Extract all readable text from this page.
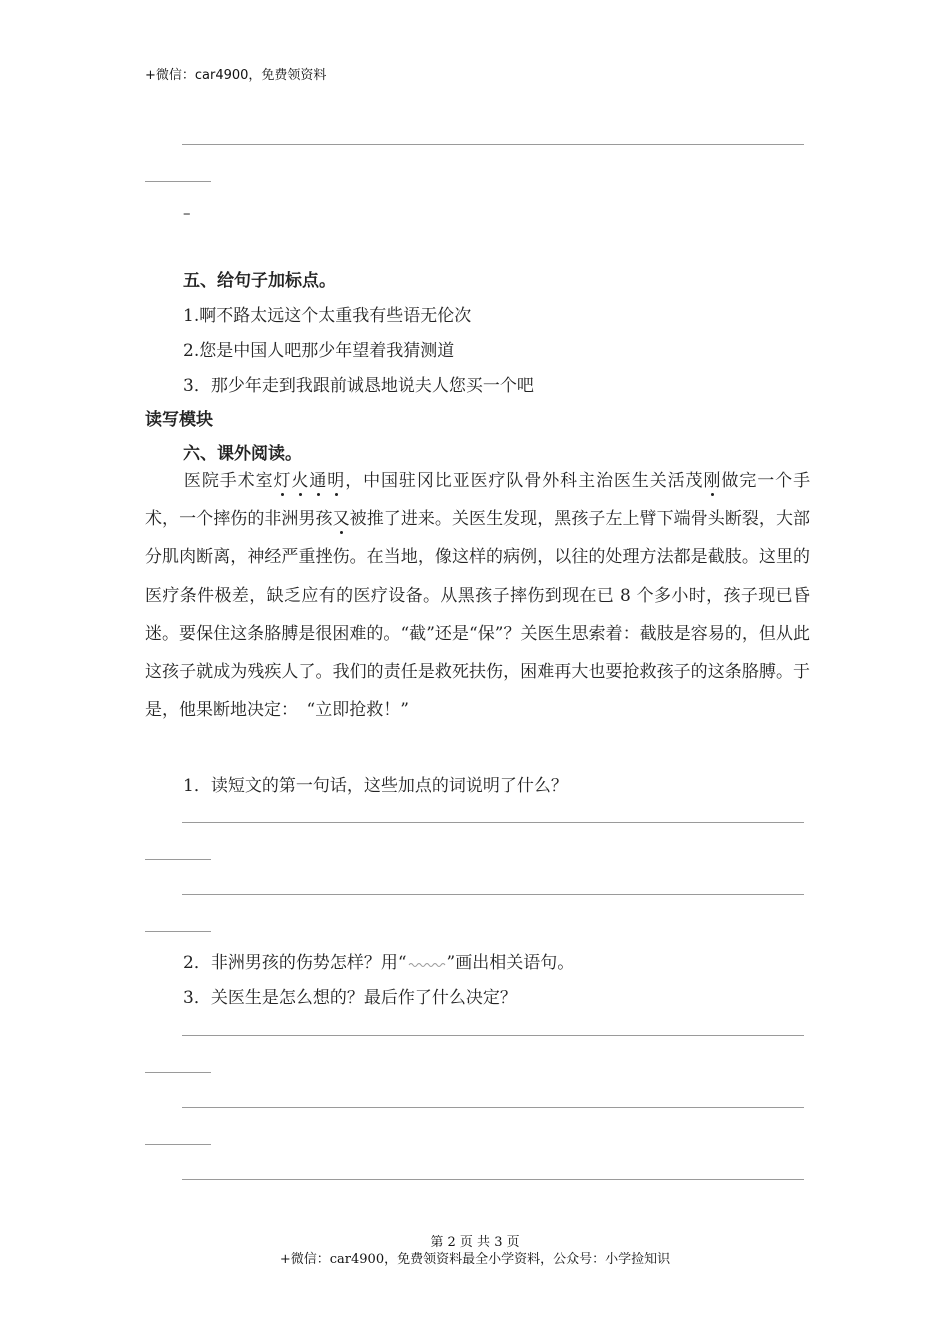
+微信：car4900，免费领资料
–
五、给句子加标点。
1.啊不路太远这个太重我有些语无伦次
2.您是中国人吧那少年望着我猜测道
3．那少年走到我跟前诚恳地说夫人您买一个吧
读写模块
六、课外阅读。
医院手术室灯火通明，中国驻冈比亚医疗队骨外科主治医生关活茂刚做完一个手术，一个摔伤的非洲男孩又被推了进来。关医生发现，黑孩子左上臂下端骨头断裂，大部分肌肉断离，神经严重挫伤。在当地，像这样的病例，以往的处理方法都是截肢。这里的医疗条件极差，缺乏应有的医疗设备。从黑孩子摔伤到现在已 8 个多小时，孩子现已昏迷。要保住这条胳膊是很困难的。“截”还是“保”？关医生思索着：截肢是容易的，但从此这孩子就成为残疾人了。我们的责任是救死扶伤，困难再大也要抢救孩子的这条胳膊。于是，他果断地决定：　“立即抢救！”
1．读短文的第一句话，这些加点的词说明了什么？
2．非洲男孩的伤势怎样？用“ ”画出相关语句。
3．关医生是怎么想的？最后作了什么决定？
第 2 页 共 3 页
+微信：car4900，免费领资料最全小学资料，公众号：小学捡知识
